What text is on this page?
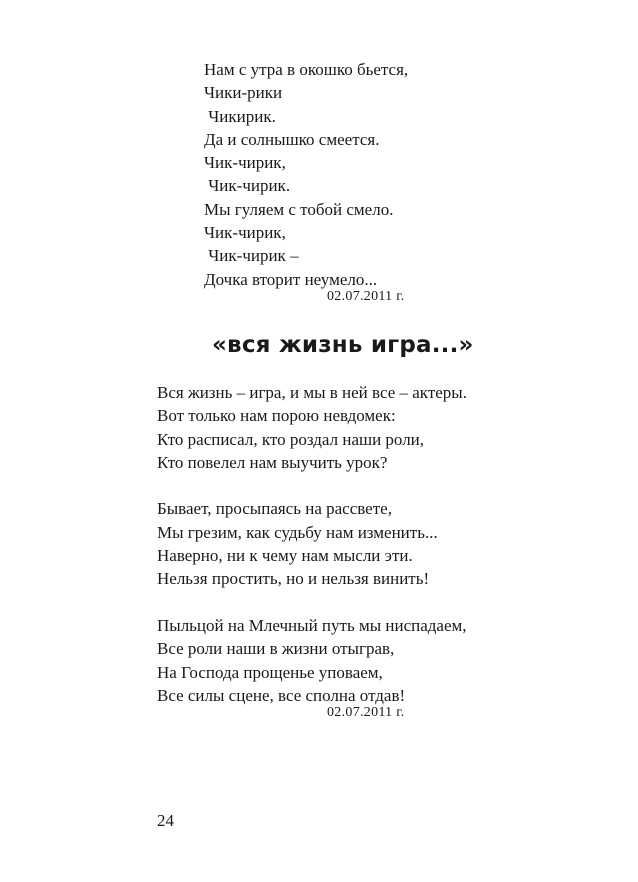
Нам с утра в окошко бьется,
Чики-рики
Чикирик.
Да и солнышко смеется.
Чик-чирик,
Чик-чирик.
Мы гуляем с тобой смело.
Чик-чирик,
Чик-чирик –
Дочка вторит неумело...
02.07.2011 г.
«вся жизнь игра...»
Вся жизнь – игра, и мы в ней все – актеры.
Вот только нам порою невдомек:
Кто расписал, кто роздал наши роли,
Кто повелел нам выучить урок?
Бывает, просыпаясь на рассвете,
Мы грезим, как судьбу нам изменить...
Наверно, ни к чему нам мысли эти.
Нельзя простить, но и нельзя винить!
Пыльцой на Млечный путь мы ниспадаем,
Все роли наши в жизни отыграв,
На Господа прощенье уповаем,
Все силы сцене, все сполна отдав!
02.07.2011 г.
24
